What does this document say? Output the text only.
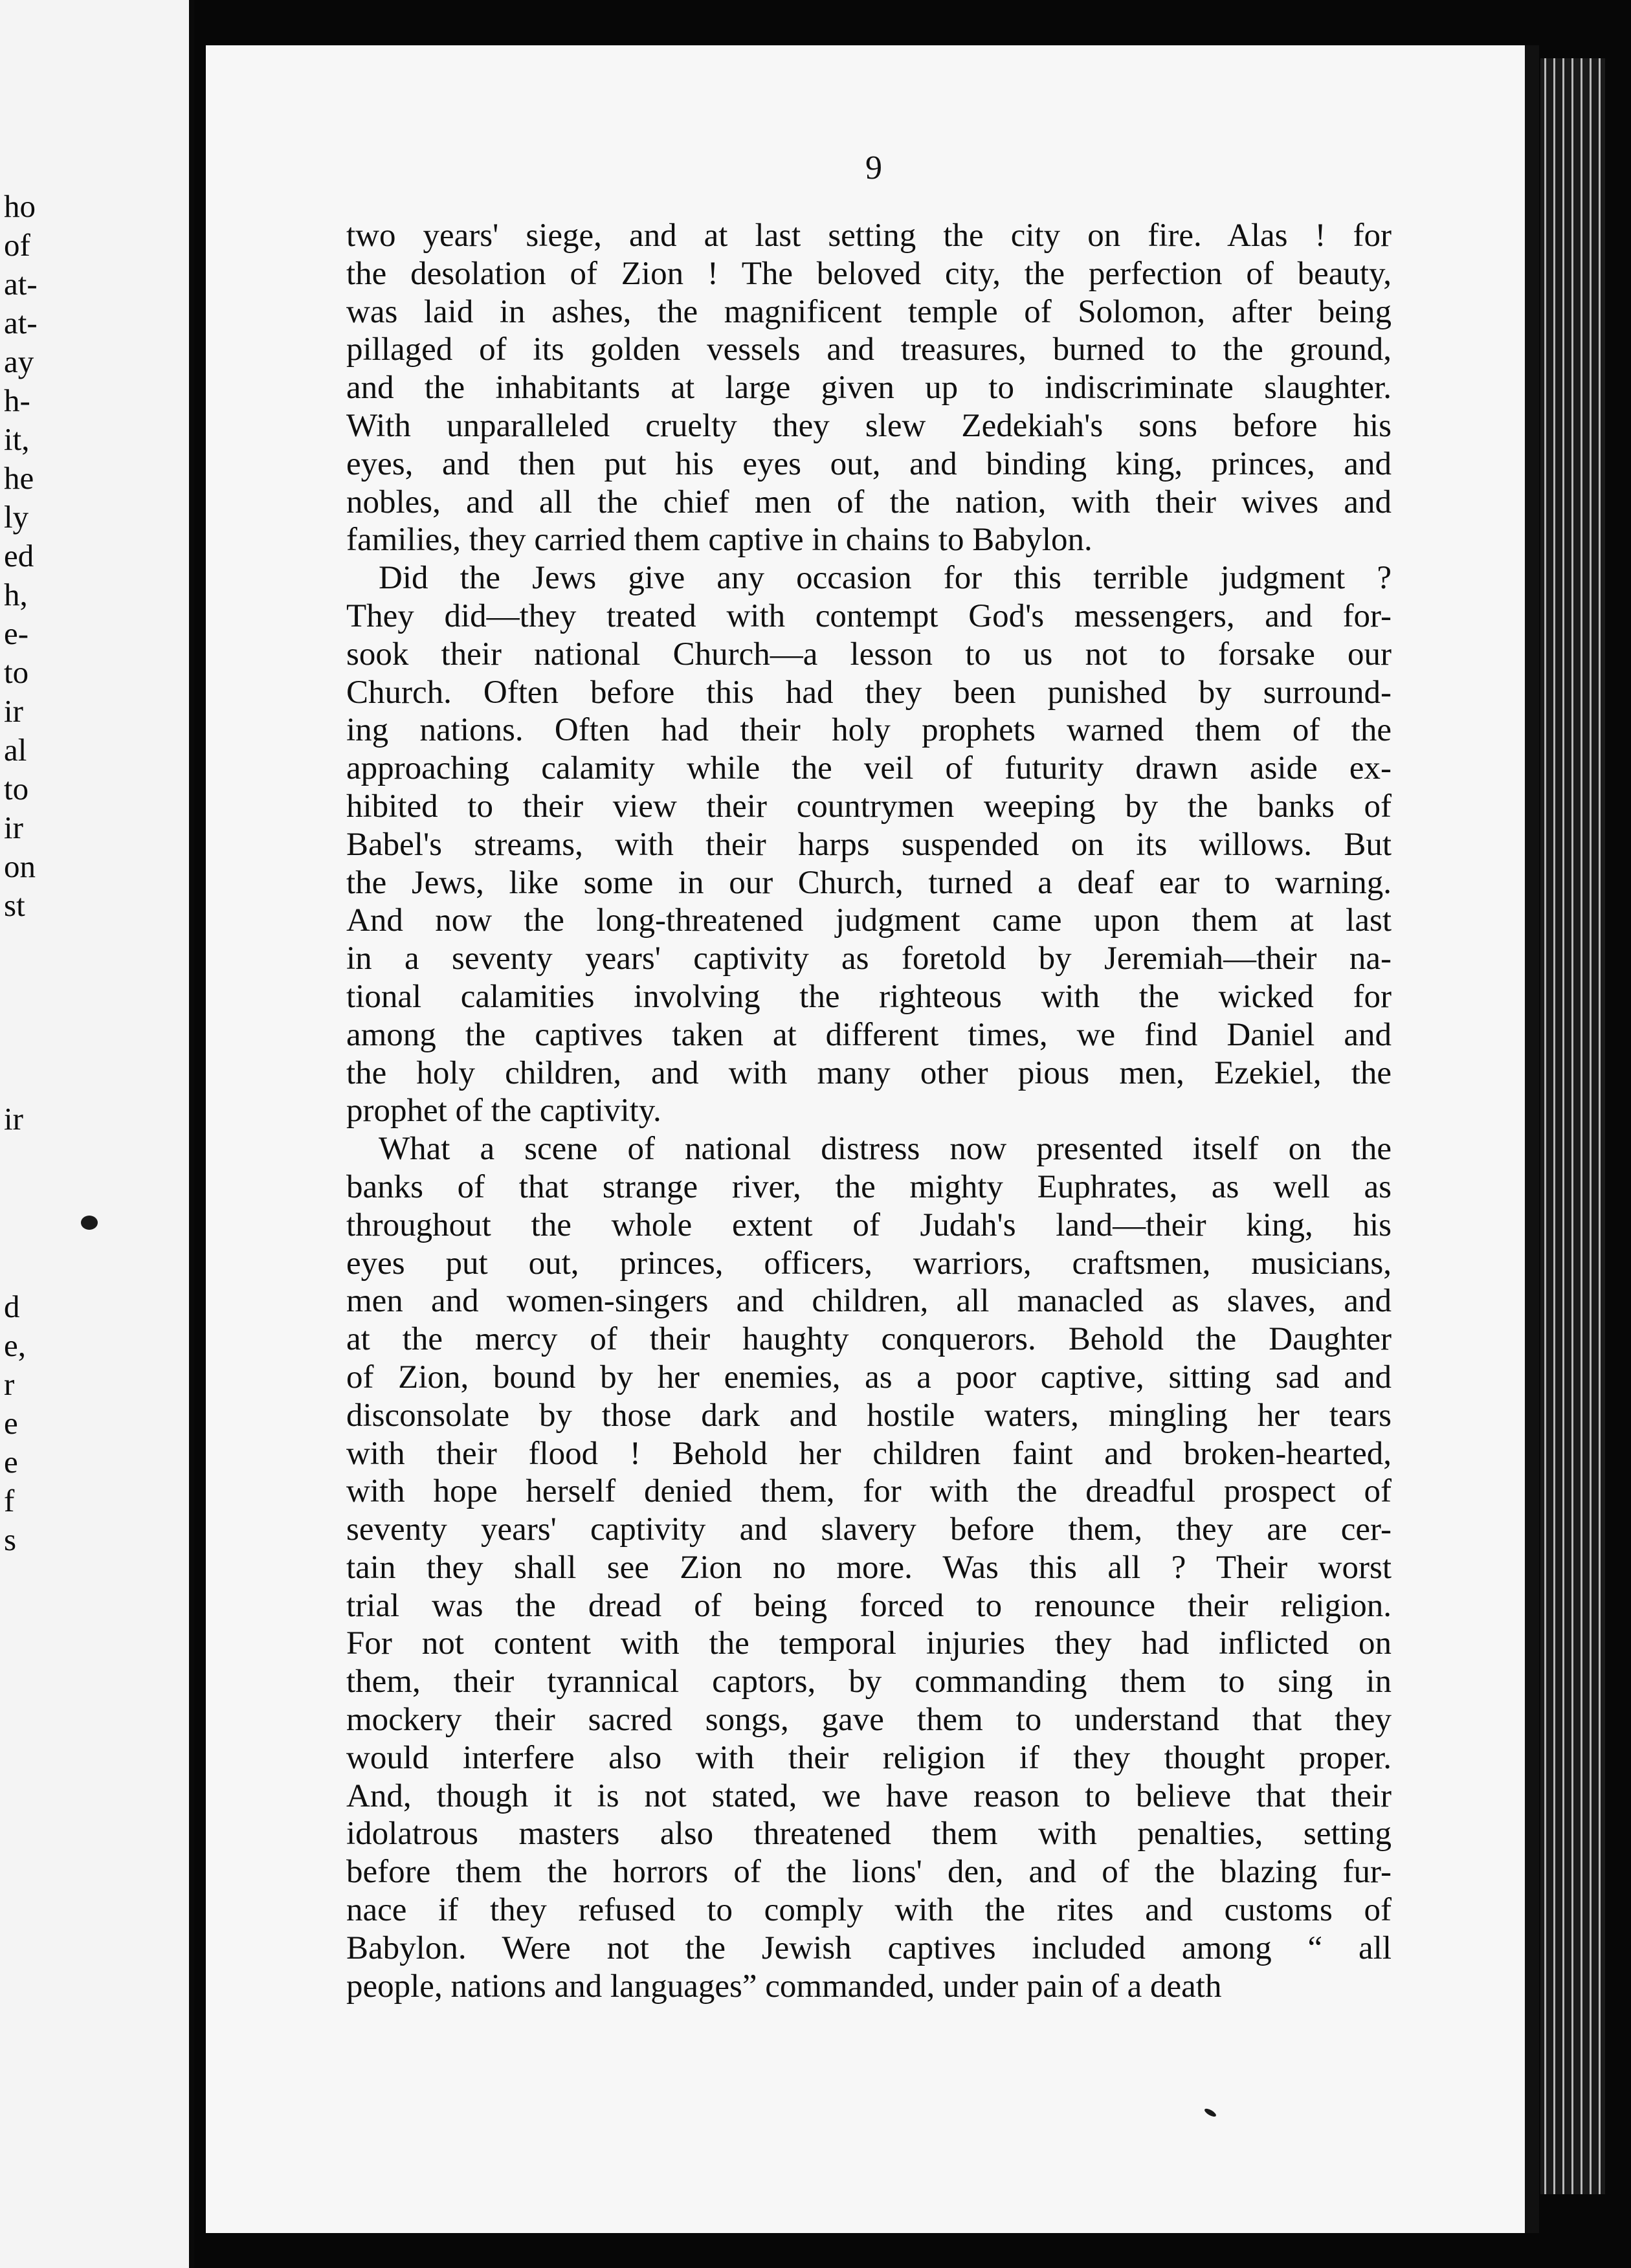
ho
of
at-
at-
ay
h-
it,
he
ly
ed
h,
e-
to
ir
al
to
ir
on
st
ir
d
e,
r
e
e
f
s
9
two years' siege, and at last setting the city on fire. Alas ! for
the desolation of Zion ! The beloved city, the perfection of beauty,
was laid in ashes, the magnificent temple of Solomon, after being
pillaged of its golden vessels and treasures, burned to the ground,
and the inhabitants at large given up to indiscriminate slaughter.
With unparalleled cruelty they slew Zedekiah's sons before his
eyes, and then put his eyes out, and binding king, princes, and
nobles, and all the chief men of the nation, with their wives and
families, they carried them captive in chains to Babylon.
Did the Jews give any occasion for this terrible judgment ?
They did—they treated with contempt God's messengers, and for-
sook their national Church—a lesson to us not to forsake our
Church. Often before this had they been punished by surround-
ing nations. Often had their holy prophets warned them of the
approaching calamity while the veil of futurity drawn aside ex-
hibited to their view their countrymen weeping by the banks of
Babel's streams, with their harps suspended on its willows. But
the Jews, like some in our Church, turned a deaf ear to warning.
And now the long-threatened judgment came upon them at last
in a seventy years' captivity as foretold by Jeremiah—their na-
tional calamities involving the righteous with the wicked for
among the captives taken at different times, we find Daniel and
the holy children, and with many other pious men, Ezekiel, the
prophet of the captivity.
What a scene of national distress now presented itself on the
banks of that strange river, the mighty Euphrates, as well as
throughout the whole extent of Judah's land—their king, his
eyes put out, princes, officers, warriors, craftsmen, musicians,
men and women-singers and children, all manacled as slaves, and
at the mercy of their haughty conquerors. Behold the Daughter
of Zion, bound by her enemies, as a poor captive, sitting sad and
disconsolate by those dark and hostile waters, mingling her tears
with their flood ! Behold her children faint and broken-hearted,
with hope herself denied them, for with the dreadful prospect of
seventy years' captivity and slavery before them, they are cer-
tain they shall see Zion no more. Was this all ? Their worst
trial was the dread of being forced to renounce their religion.
For not content with the temporal injuries they had inflicted on
them, their tyrannical captors, by commanding them to sing in
mockery their sacred songs, gave them to understand that they
would interfere also with their religion if they thought proper.
And, though it is not stated, we have reason to believe that their
idolatrous masters also threatened them with penalties, setting
before them the horrors of the lions' den, and of the blazing fur-
nace if they refused to comply with the rites and customs of
Babylon. Were not the Jewish captives included among “ all
people, nations and languages” commanded, under pain of a death
